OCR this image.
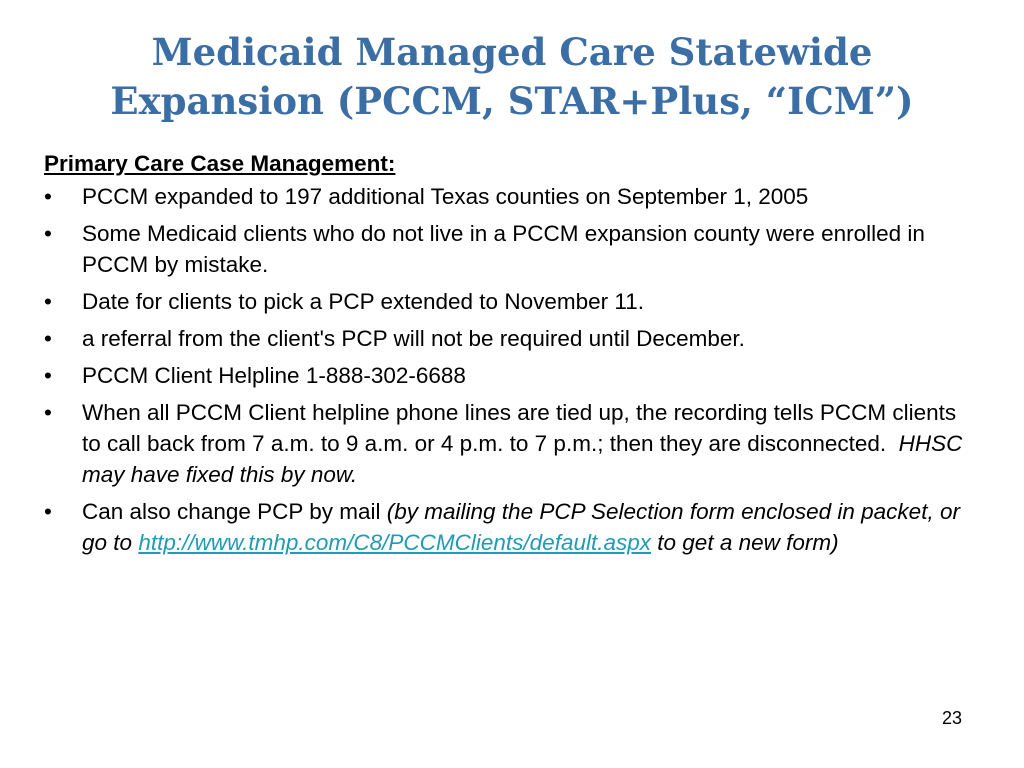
Medicaid Managed Care Statewide
Expansion (PCCM, STAR+Plus, “ICM”)
Primary Care Case Management:
• PCCM expanded to 197 additional Texas counties on September 1, 2005
• Some Medicaid clients who do not live in a PCCM expansion county were enrolled in PCCM by mistake.
• Date for clients to pick a PCP extended to November 11.
• a referral from the client's PCP will not be required until December.
• PCCM Client Helpline 1-888-302-6688
• When all PCCM Client helpline phone lines are tied up, the recording tells PCCM clients to call back from 7 a.m. to 9 a.m. or 4 p.m. to 7 p.m.; then they are disconnected. HHSC may have fixed this by now.
• Can also change PCP by mail (by mailing the PCP Selection form enclosed in packet, or go to http://www.tmhp.com/C8/PCCMClients/default.aspx to get a new form)
23
